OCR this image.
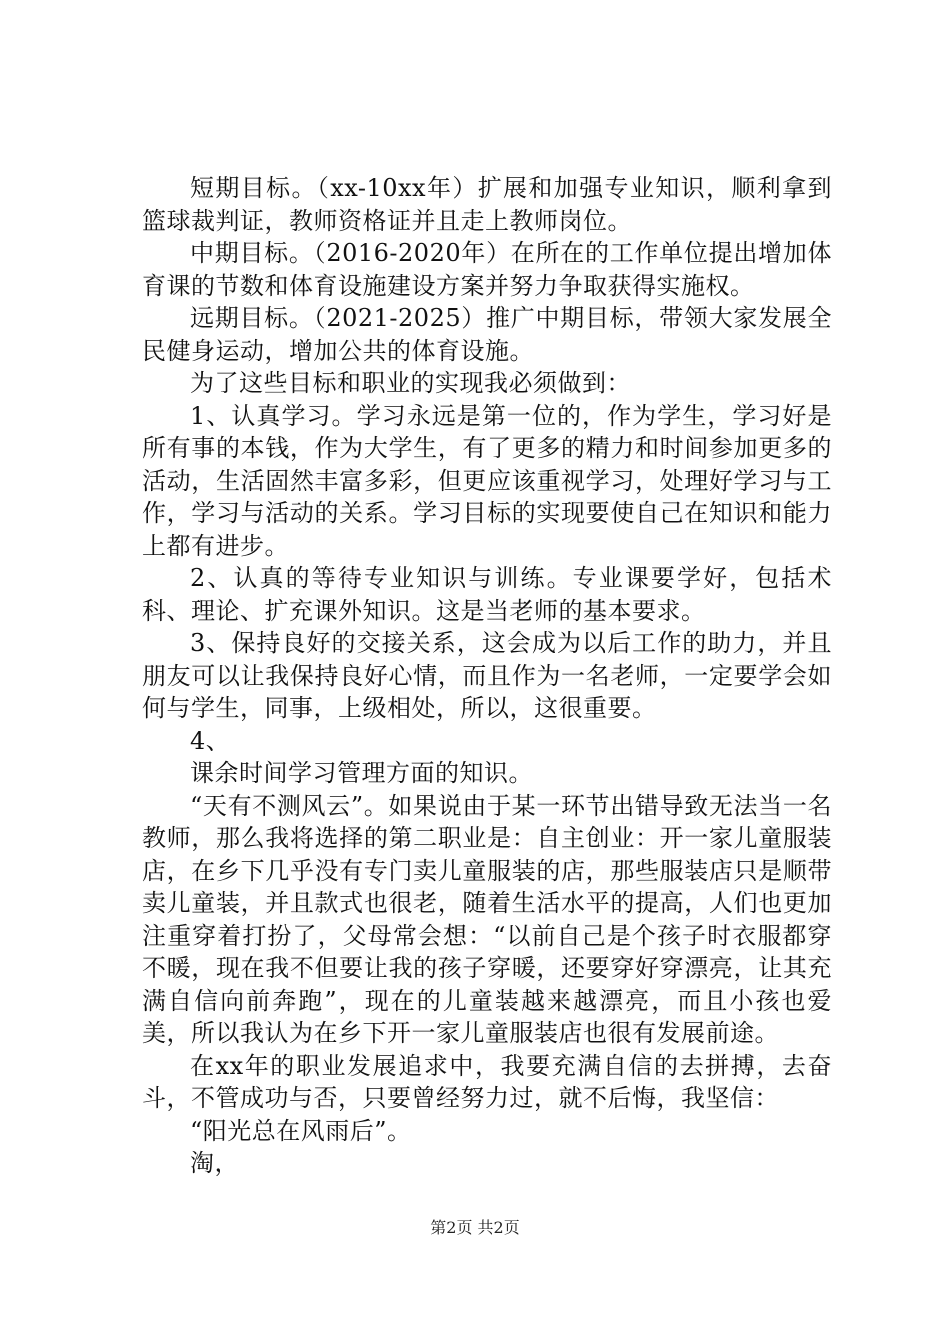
短期目标。（xx-10xx年）扩展和加强专业知识，顺利拿到篮球裁判证，教师资格证并且走上教师岗位。

中期目标。（2016-2020年）在所在的工作单位提出增加体育课的节数和体育设施建设方案并努力争取获得实施权。

远期目标。（2021-2025）推广中期目标，带领大家发展全民健身运动，增加公共的体育设施。

为了这些目标和职业的实现我必须做到：

1、认真学习。学习永远是第一位的，作为学生，学习好是所有事的本钱，作为大学生，有了更多的精力和时间参加更多的活动，生活固然丰富多彩，但更应该重视学习，处理好学习与工作，学习与活动的关系。学习目标的实现要使自己在知识和能力上都有进步。

2、认真的等待专业知识与训练。专业课要学好，包括术科、理论、扩充课外知识。这是当老师的基本要求。

3、保持良好的交接关系，这会成为以后工作的助力，并且朋友可以让我保持良好心情，而且作为一名老师，一定要学会如何与学生，同事，上级相处，所以，这很重要。

4、

课余时间学习管理方面的知识。

“天有不测风云”。如果说由于某一环节出错导致无法当一名教师，那么我将选择的第二职业是：自主创业：开一家儿童服装店，在乡下几乎没有专门卖儿童服装的店，那些服装店只是顺带卖儿童装，并且款式也很老，随着生活水平的提高，人们也更加注重穿着打扮了，父母常会想：“以前自己是个孩子时衣服都穿不暖，现在我不但要让我的孩子穿暖，还要穿好穿漂亮，让其充满自信向前奔跑”，现在的儿童装越来越漂亮，而且小孩也爱美，所以我认为在乡下开一家儿童服装店也很有发展前途。

在xx年的职业发展追求中，我要充满自信的去拼搏，去奋斗，不管成功与否，只要曾经努力过，就不后悔，我坚信：

“阳光总在风雨后”。

淘，

第2页 共2页
